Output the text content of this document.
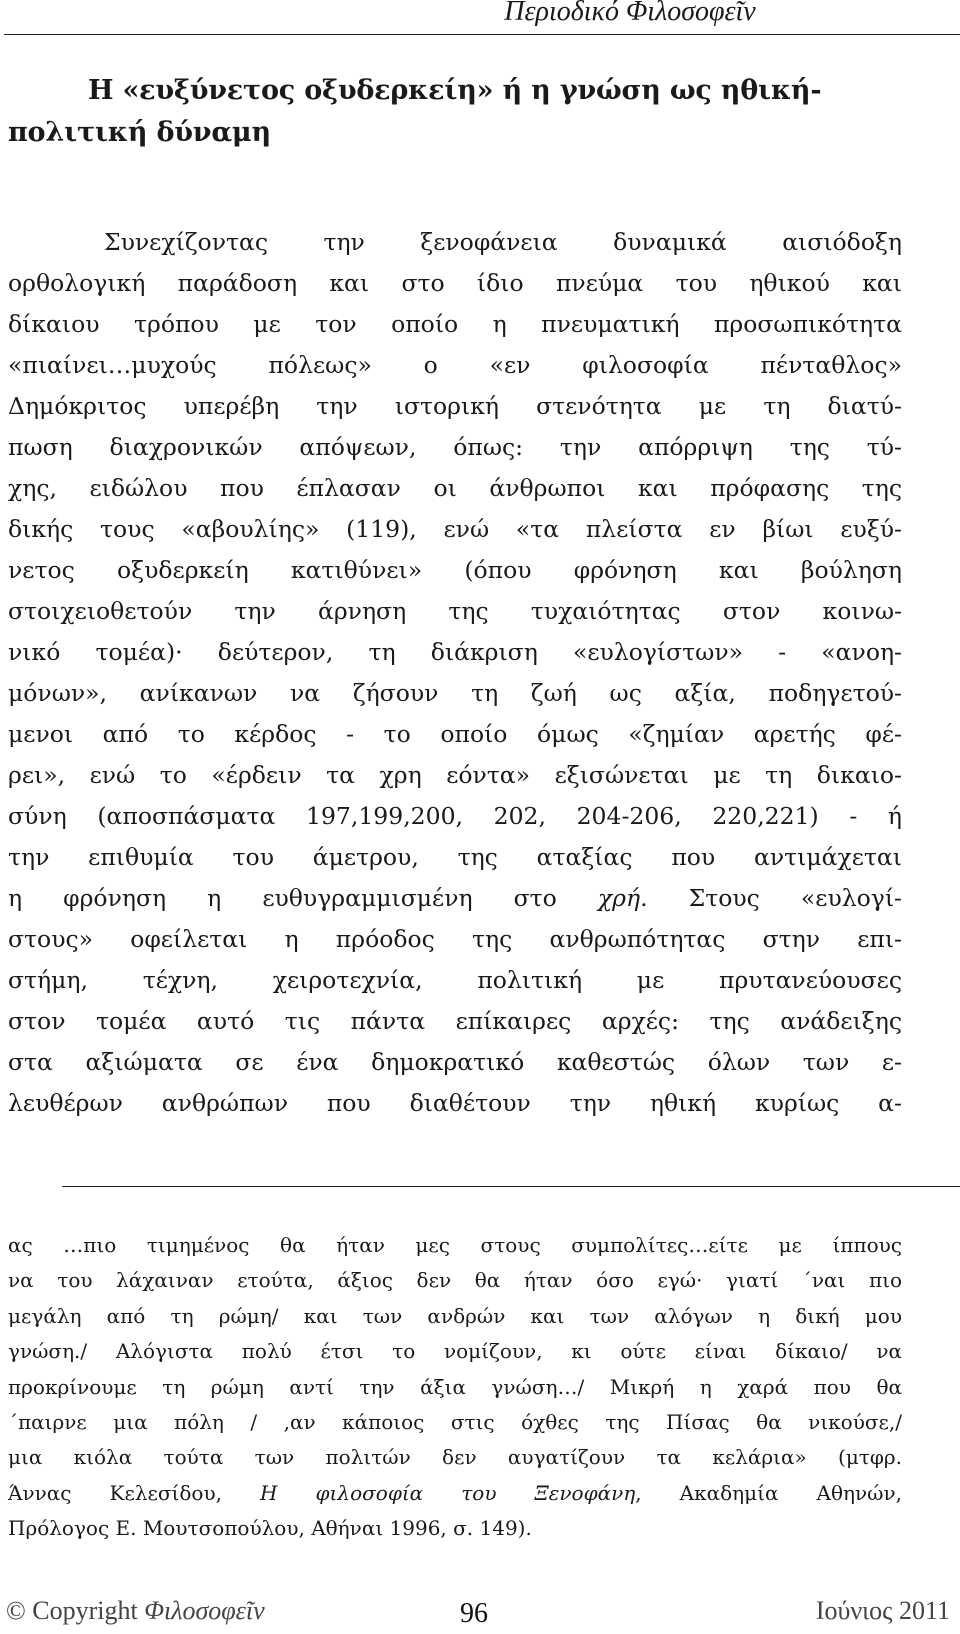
Περιοδικό Φιλοσοφεῖν
Η «ευξύνετος οξυδερκείη» ή η γνώση ως ηθική-
πολιτική δύναμη
Συνεχίζοντας την ξενοφάνεια δυναμικά αισιόδοξη
ορθολογική παράδοση και στο ίδιο πνεύμα του ηθικού και
δίκαιου τρόπου με τον οποίο η πνευματική προσωπικότητα
«πιαίνει…μυχούς πόλεως» ο «εν φιλοσοφία πένταθλος»
Δημόκριτος υπερέβη την ιστορική στενότητα με τη διατύ-
πωση διαχρονικών απόψεων, όπως: την απόρριψη της τύ-
χης, ειδώλου που έπλασαν οι άνθρωποι και πρόφασης της
δικής τους «αβουλίης» (119), ενώ «τα πλείστα εν βίωι ευξύ-
νετος οξυδερκείη κατιθύνει» (όπου φρόνηση και βούληση
στοιχειοθετούν την άρνηση της τυχαιότητας στον κοινω-
νικό τομέα)· δεύτερον, τη διάκριση «ευλογίστων» - «ανοη-
μόνων», ανίκανων να ζήσουν τη ζωή ως αξία, ποδηγετού-
μενοι από το κέρδος - το οποίο όμως «ζημίαν αρετής φέ-
ρει», ενώ το «έρδειν τα χρη εόντα» εξισώνεται με τη δικαιο-
σύνη (αποσπάσματα 197,199,200, 202, 204-206, 220,221) - ή
την επιθυμία του άμετρου, της αταξίας που αντιμάχεται
η φρόνηση η ευθυγραμμισμένη στο χρή. Στους «ευλογί-
στους» οφείλεται η πρόοδος της ανθρωπότητας στην επι-
στήμη, τέχνη, χειροτεχνία, πολιτική με πρυτανεύουσες
στον τομέα αυτό τις πάντα επίκαιρες αρχές: της ανάδειξης
στα αξιώματα σε ένα δημοκρατικό καθεστώς όλων των ε-
λευθέρων ανθρώπων που διαθέτουν την ηθική κυρίως α-
ας …πιο τιμημένος θα ήταν μες στους συμπολίτες…είτε με ίππους
να του λάχαιναν ετούτα, άξιος δεν θα ήταν όσο εγώ· γιατί ΄ναι πιο
μεγάλη από τη ρώμη/ και των ανδρών και των αλόγων η δική μου
γνώση./ Αλόγιστα πολύ έτσι το νομίζουν, κι ούτε είναι δίκαιο/ να
προκρίνουμε τη ρώμη αντί την άξια γνώση…/ Μικρή η χαρά που θα
΄παιρνε μια πόλη / ,αν κάποιος στις όχθες της Πίσας θα νικούσε,/
μια κιόλα τούτα των πολιτών δεν αυγατίζουν τα κελάρια» (μτφρ.
Άννας Κελεσίδου, Η φιλοσοφία του Ξενοφάνη, Ακαδημία Αθηνών,
Πρόλογος Ε. Μουτσοπούλου, Αθήναι 1996, σ. 149).
© Copyright Φιλοσοφεῖν	96	Ιούνιος 2011
